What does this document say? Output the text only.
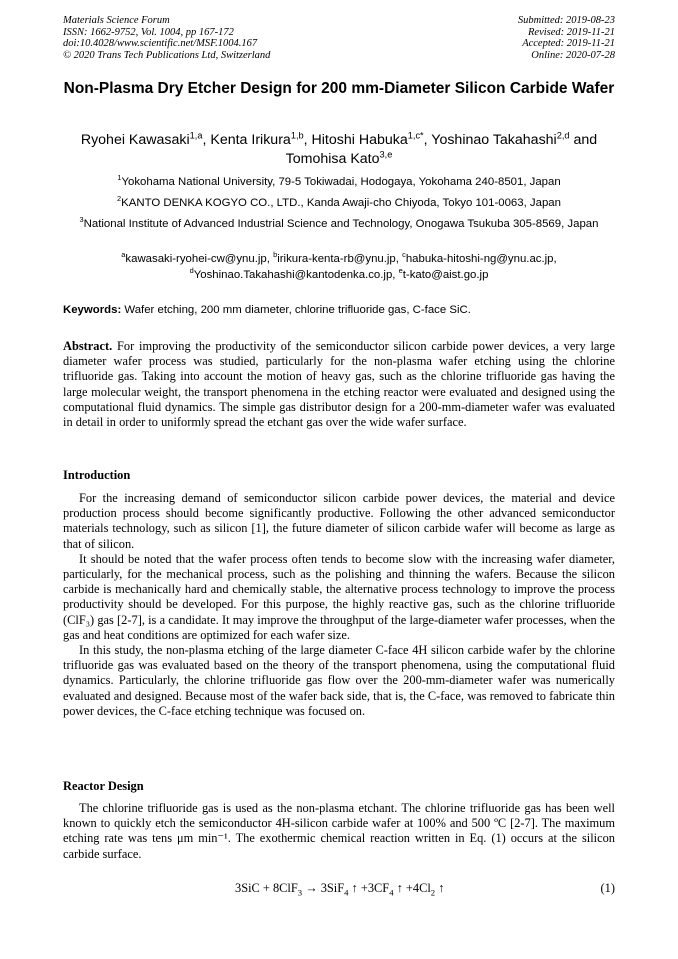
Materials Science Forum
ISSN: 1662-9752, Vol. 1004, pp 167-172
doi:10.4028/www.scientific.net/MSF.1004.167
© 2020 Trans Tech Publications Ltd, Switzerland
Submitted: 2019-08-23
Revised: 2019-11-21
Accepted: 2019-11-21
Online: 2020-07-28
Non-Plasma Dry Etcher Design for 200 mm-Diameter Silicon Carbide Wafer
Ryohei Kawasaki$^{1,a}$, Kenta Irikura$^{1,b}$, Hitoshi Habuka$^{1,c*}$, Yoshinao Takahashi$^{2,d}$ and
Tomohisa Kato$^{3,e}$
$^1$Yokohama National University, 79-5 Tokiwadai, Hodogaya, Yokohama 240-8501, Japan
$^2$KANTO DENKA KOGYO CO., LTD., Kanda Awaji-cho Chiyoda, Tokyo 101-0063, Japan
$^3$National Institute of Advanced Industrial Science and Technology, Onogawa Tsukuba 305-8569, Japan
$^a$kawasaki-ryohei-cw@ynu.jp, $^b$irikura-kenta-rb@ynu.jp, $^c$habuka-hitoshi-ng@ynu.ac.jp,
$^d$Yoshinao.Takahashi@kantodenka.co.jp, $^e$t-kato@aist.go.jp
Keywords: Wafer etching, 200 mm diameter, chlorine trifluoride gas, C-face SiC.

Abstract. For improving the productivity of the semiconductor silicon carbide power devices, a very large diameter wafer process was studied, particularly for the non-plasma wafer etching using the chlorine trifluoride gas. Taking into account the motion of heavy gas, such as the chlorine trifluoride gas having the large molecular weight, the transport phenomena in the etching reactor were evaluated and designed using the computational fluid dynamics. The simple gas distributor design for a 200-mm-diameter wafer was evaluated in detail in order to uniformly spread the etchant gas over the wide wafer surface.

Introduction

For the increasing demand of semiconductor silicon carbide power devices, the material and device production process should become significantly productive. Following the other advanced semiconductor materials technology, such as silicon [1], the future diameter of silicon carbide wafer will become as large as that of silicon.

It should be noted that the wafer process often tends to become slow with the increasing wafer diameter, particularly, for the mechanical process, such as the polishing and thinning the wafers. Because the silicon carbide is mechanically hard and chemically stable, the alternative process technology to improve the process productivity should be developed. For this purpose, the highly reactive gas, such as the chlorine trifluoride (ClF₃) gas [2-7], is a candidate. It may improve the throughput of the large-diameter wafer processes, when the gas and heat conditions are optimized for each wafer size.

In this study, the non-plasma etching of the large diameter C-face 4H silicon carbide wafer by the chlorine trifluoride gas was evaluated based on the theory of the transport phenomena, using the computational fluid dynamics. Particularly, the chlorine trifluoride gas flow over the 200-mm-diameter wafer was numerically evaluated and designed. Because most of the wafer back side, that is, the C-face, was removed to fabricate thin power devices, the C-face etching technique was focused on.

Reactor Design

The chlorine trifluoride gas is used as the non-plasma etchant. The chlorine trifluoride gas has been well known to quickly etch the semiconductor 4H-silicon carbide wafer at 100% and 500 ºC [2-7]. The maximum etching rate was tens μm min⁻¹. The exothermic chemical reaction written in Eq. (1) occurs at the silicon carbide surface.

3SiC + 8ClF$_3$ → 3SiF$_4$ ↑ $+3CF_4$ ↑ $+4Cl_2$ ↑	(1)
